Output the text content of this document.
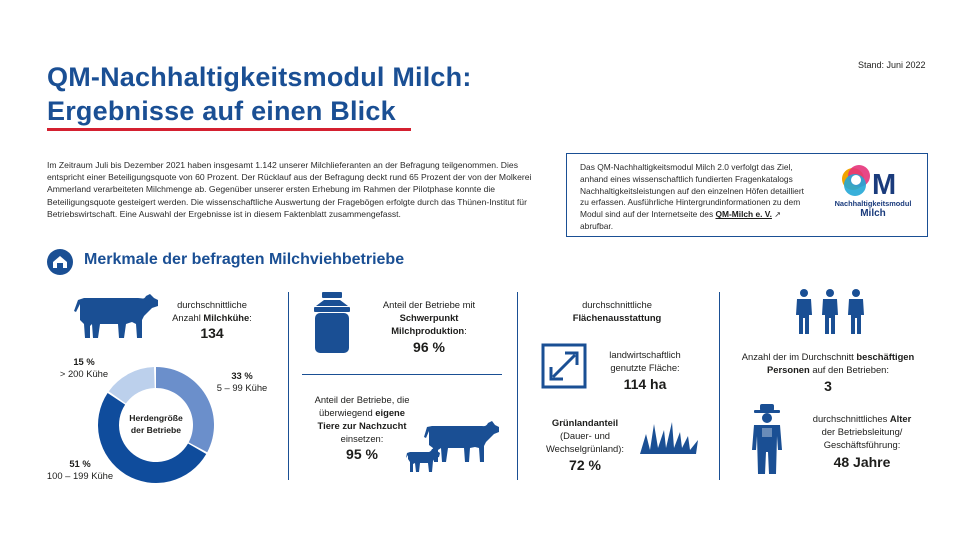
QM-Nachhaltigkeitsmodul Milch:
Ergebnisse auf einen Blick
Stand: Juni 2022
Im Zeitraum Juli bis Dezember 2021 haben insgesamt 1.142 unserer Milchlieferanten an der Befragung teilgenommen. Dies entspricht einer Beteiligungsquote von 60 Prozent. Der Rücklauf aus der Befragung deckt rund 65 Prozent der von der Molkerei Ammerland verarbeiteten Milchmenge ab. Gegenüber unserer ersten Erhebung im Rahmen der Pilotphase konnte die Beteiligungsquote gesteigert werden. Die wissenschaftliche Auswertung der Fragebögen erfolgte durch das Thünen-Institut für Betriebswirtschaft. Eine Auswahl der Ergebnisse ist in diesem Faktenblatt zusammengefasst.
Das QM-Nachhaltigkeitsmodul Milch 2.0 verfolgt das Ziel, anhand eines wissenschaftlich fundierten Fragenkatalogs Nachhaltigkeitsleistungen auf den einzelnen Höfen detailliert zu erfassen. Ausführliche Hintergrundinformationen zu dem Modul sind auf der Internetseite des QM-Milch e. V. ↗ abrufbar.
M
Nachhaltigkeitsmodul
Milch
Merkmale der befragten Milchviehbetriebe
durchschnittliche
Anzahl Milchkühe:
134
Herdengröße
der Betriebe
15 %
> 200 Kühe	33 %
5 – 99 Kühe
51 %
100 – 199 Kühe
Anteil der Betriebe mit
Schwerpunkt
Milchproduktion:
96 %
Anteil der Betriebe, die
überwiegend eigene
Tiere zur Nachzucht
einsetzen:
95 %
durchschnittliche
Flächenausstattung
landwirtschaftlich
genutzte Fläche:
114 ha
Grünlandanteil
(Dauer- und
Wechselgrünland):
72 %
Anzahl der im Durchschnitt beschäftigen
Personen auf den Betrieben:
3
durchschnittliches Alter
der Betriebsleitung/
Geschäftsführung:
48 Jahre
